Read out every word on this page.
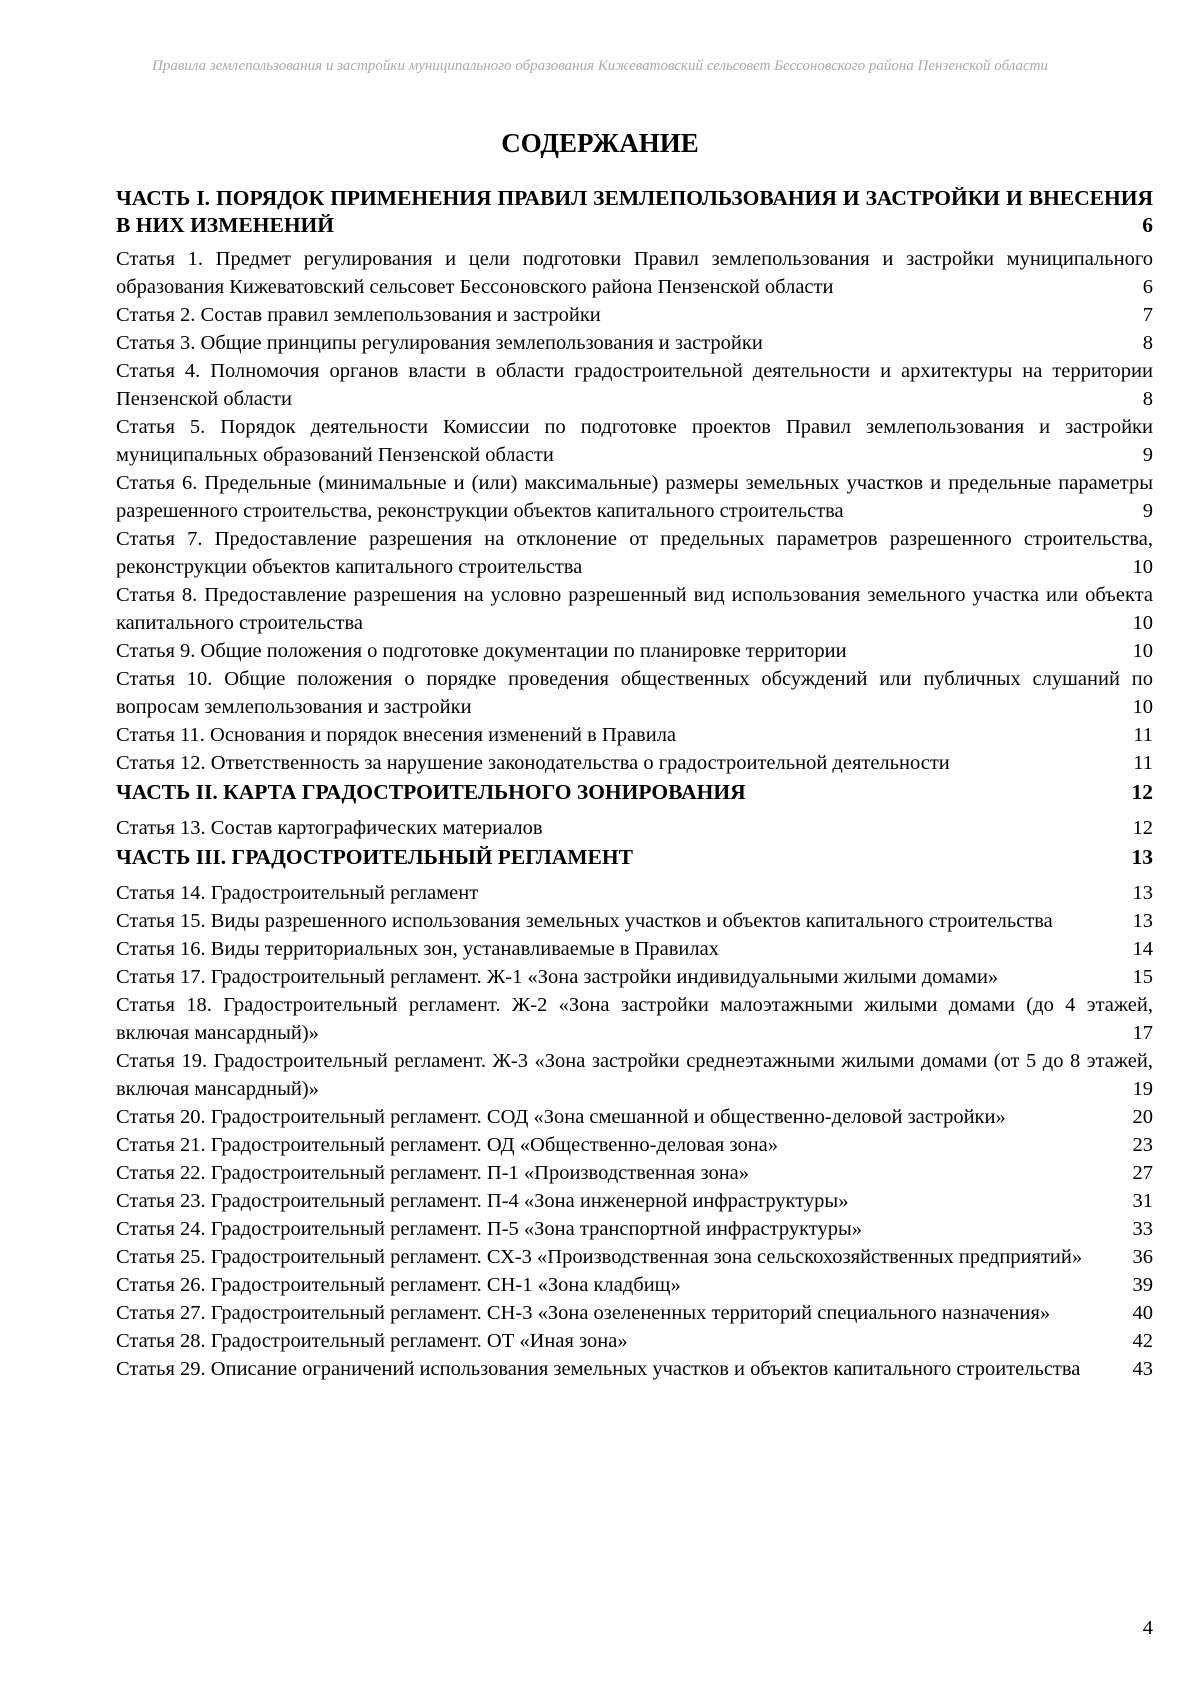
Правила землепользования и застройки муниципального образования Кижеватовский сельсовет Бессоновского района Пензенской области
СОДЕРЖАНИЕ
ЧАСТЬ I. ПОРЯДОК ПРИМЕНЕНИЯ ПРАВИЛ ЗЕМЛЕПОЛЬЗОВАНИЯ И ЗАСТРОЙКИ И ВНЕСЕНИЯ В НИХ ИЗМЕНЕНИЙ	6
Статья 1. Предмет регулирования и цели подготовки Правил землепользования и застройки муниципального образования Кижеватовский сельсовет Бессоновского района Пензенской области	6
Статья 2. Состав правил землепользования и застройки	7
Статья 3. Общие принципы регулирования землепользования и застройки	8
Статья 4. Полномочия органов власти в области градостроительной деятельности и архитектуры на территории Пензенской области	8
Статья 5. Порядок деятельности Комиссии по подготовке проектов Правил землепользования и застройки муниципальных образований Пензенской области	9
Статья 6. Предельные (минимальные и (или) максимальные) размеры земельных участков и предельные параметры разрешенного строительства, реконструкции объектов капитального строительства	9
Статья 7. Предоставление разрешения на отклонение от предельных параметров разрешенного строительства, реконструкции объектов капитального строительства	10
Статья 8. Предоставление разрешения на условно разрешенный вид использования земельного участка или объекта капитального строительства	10
Статья 9. Общие положения о подготовке документации по планировке территории	10
Статья 10. Общие положения о порядке проведения общественных обсуждений или публичных слушаний по вопросам землепользования и застройки	10
Статья 11. Основания и порядок внесения изменений в Правила	11
Статья 12. Ответственность за нарушение законодательства о градостроительной деятельности	11
ЧАСТЬ II. КАРТА ГРАДОСТРОИТЕЛЬНОГО ЗОНИРОВАНИЯ	12
Статья 13. Состав картографических материалов	12
ЧАСТЬ III. ГРАДОСТРОИТЕЛЬНЫЙ РЕГЛАМЕНТ	13
Статья 14. Градостроительный регламент	13
Статья 15. Виды разрешенного использования земельных участков и объектов капитального строительства	13
Статья 16. Виды территориальных зон, устанавливаемые в Правилах	14
Статья 17. Градостроительный регламент. Ж-1 «Зона застройки индивидуальными жилыми домами»	15
Статья 18. Градостроительный регламент. Ж-2 «Зона застройки малоэтажными жилыми домами (до 4 этажей, включая мансардный)»	17
Статья 19. Градостроительный регламент. Ж-3 «Зона застройки среднеэтажными жилыми домами (от 5 до 8 этажей, включая мансардный)»	19
Статья 20. Градостроительный регламент. СОД «Зона смешанной и общественно-деловой застройки»	20
Статья 21. Градостроительный регламент. ОД «Общественно-деловая зона»	23
Статья 22. Градостроительный регламент. П-1 «Производственная зона»	27
Статья 23. Градостроительный регламент. П-4 «Зона инженерной инфраструктуры»	31
Статья 24. Градостроительный регламент. П-5 «Зона транспортной инфраструктуры»	33
Статья 25. Градостроительный регламент. СХ-3 «Производственная зона сельскохозяйственных предприятий» 36
Статья 26. Градостроительный регламент. СН-1 «Зона кладбищ»	39
Статья 27. Градостроительный регламент. СН-3 «Зона озелененных территорий специального назначения»	40
Статья 28. Градостроительный регламент. ОТ «Иная зона»	42
Статья 29. Описание ограничений использования земельных участков и объектов капитального строительства	43
4
